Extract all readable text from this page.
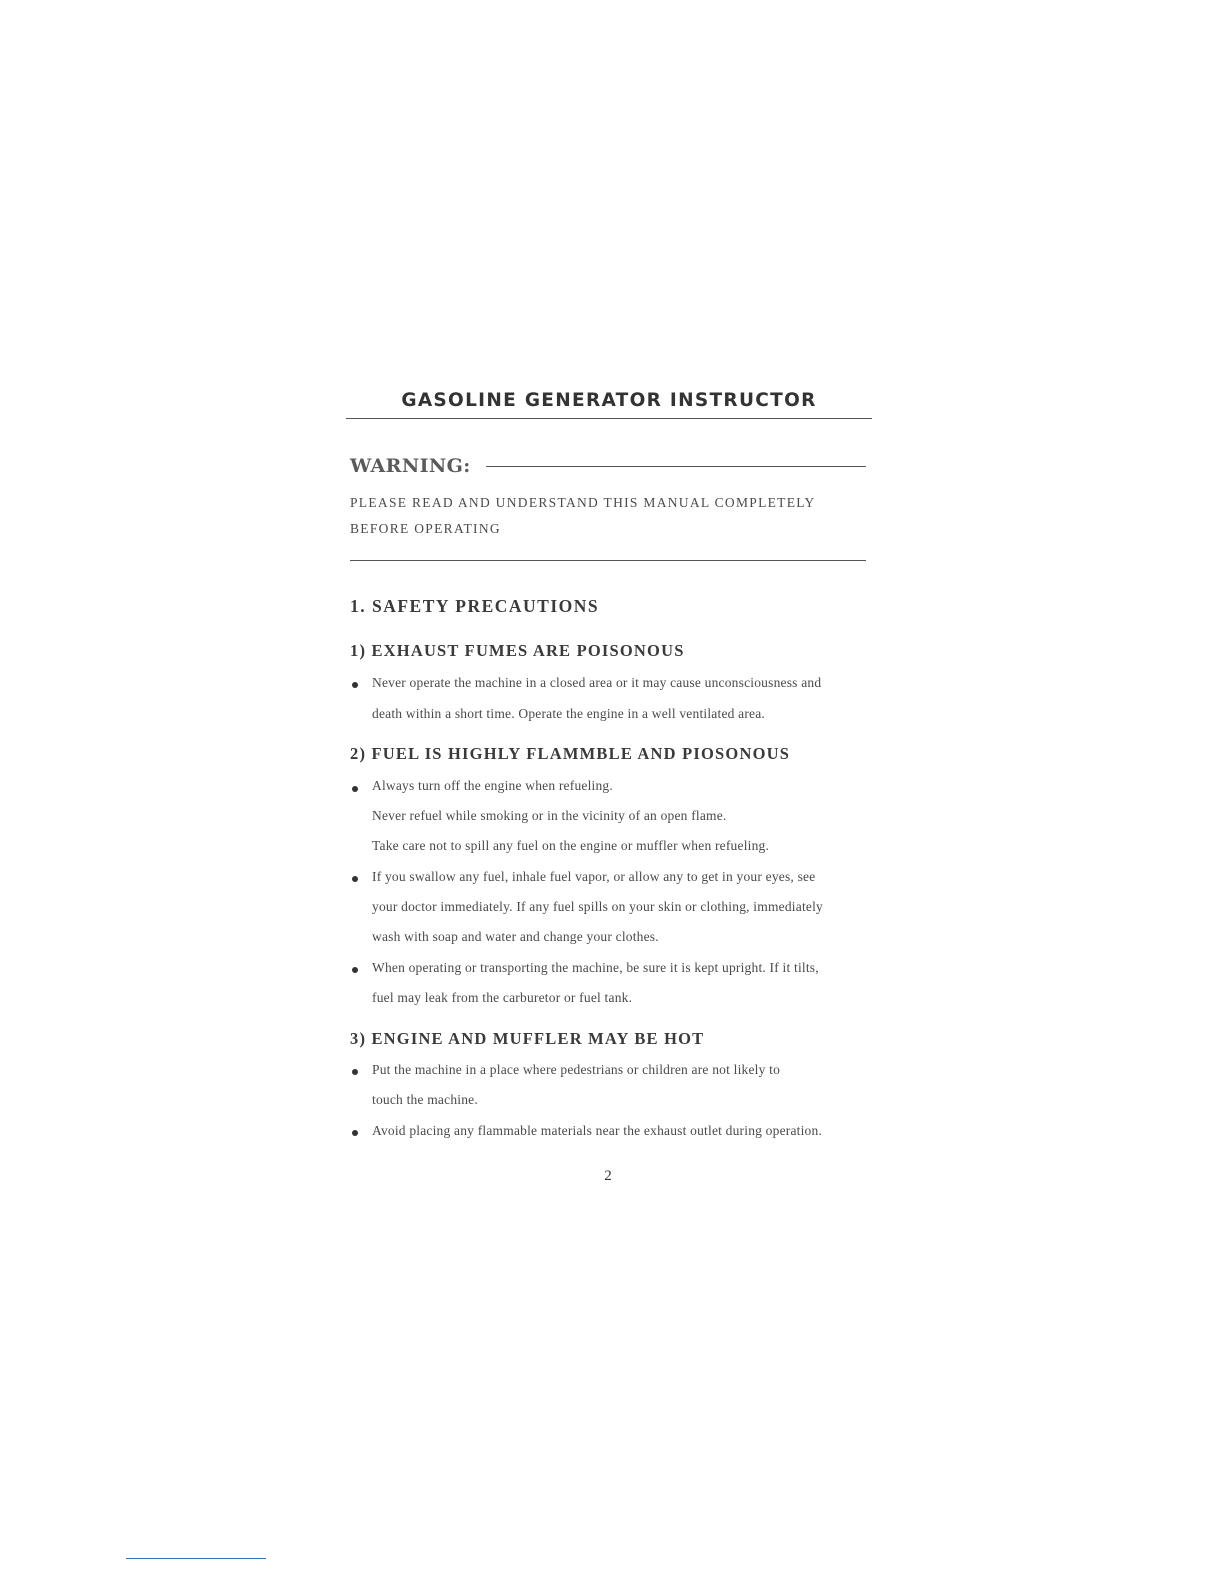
GASOLINE GENERATOR INSTRUCTOR
WARNING:
PLEASE READ AND UNDERSTAND THIS MANUAL COMPLETELY BEFORE OPERATING
1. SAFETY PRECAUTIONS
1) EXHAUST FUMES ARE POISONOUS
Never operate the machine in a closed area or it may cause unconsciousness and
death within a short time. Operate the engine in a well ventilated area.
2) FUEL IS HIGHLY FLAMMBLE AND PIOSONOUS
Always turn off the engine when refueling.
Never refuel while smoking or in the vicinity of an open flame.
Take care not to spill any fuel on the engine or muffler when refueling.
If you swallow any fuel, inhale fuel vapor, or allow any to get in your eyes, see
your doctor immediately. If any fuel spills on your skin or clothing, immediately
wash with soap and water and change your clothes.
When operating or transporting the machine, be sure it is kept upright. If it tilts,
fuel may leak from the carburetor or fuel tank.
3) ENGINE AND MUFFLER MAY BE HOT
Put the machine in a place where pedestrians or children are not likely to
touch the machine.
Avoid placing any flammable materials near the exhaust outlet during operation.
2
